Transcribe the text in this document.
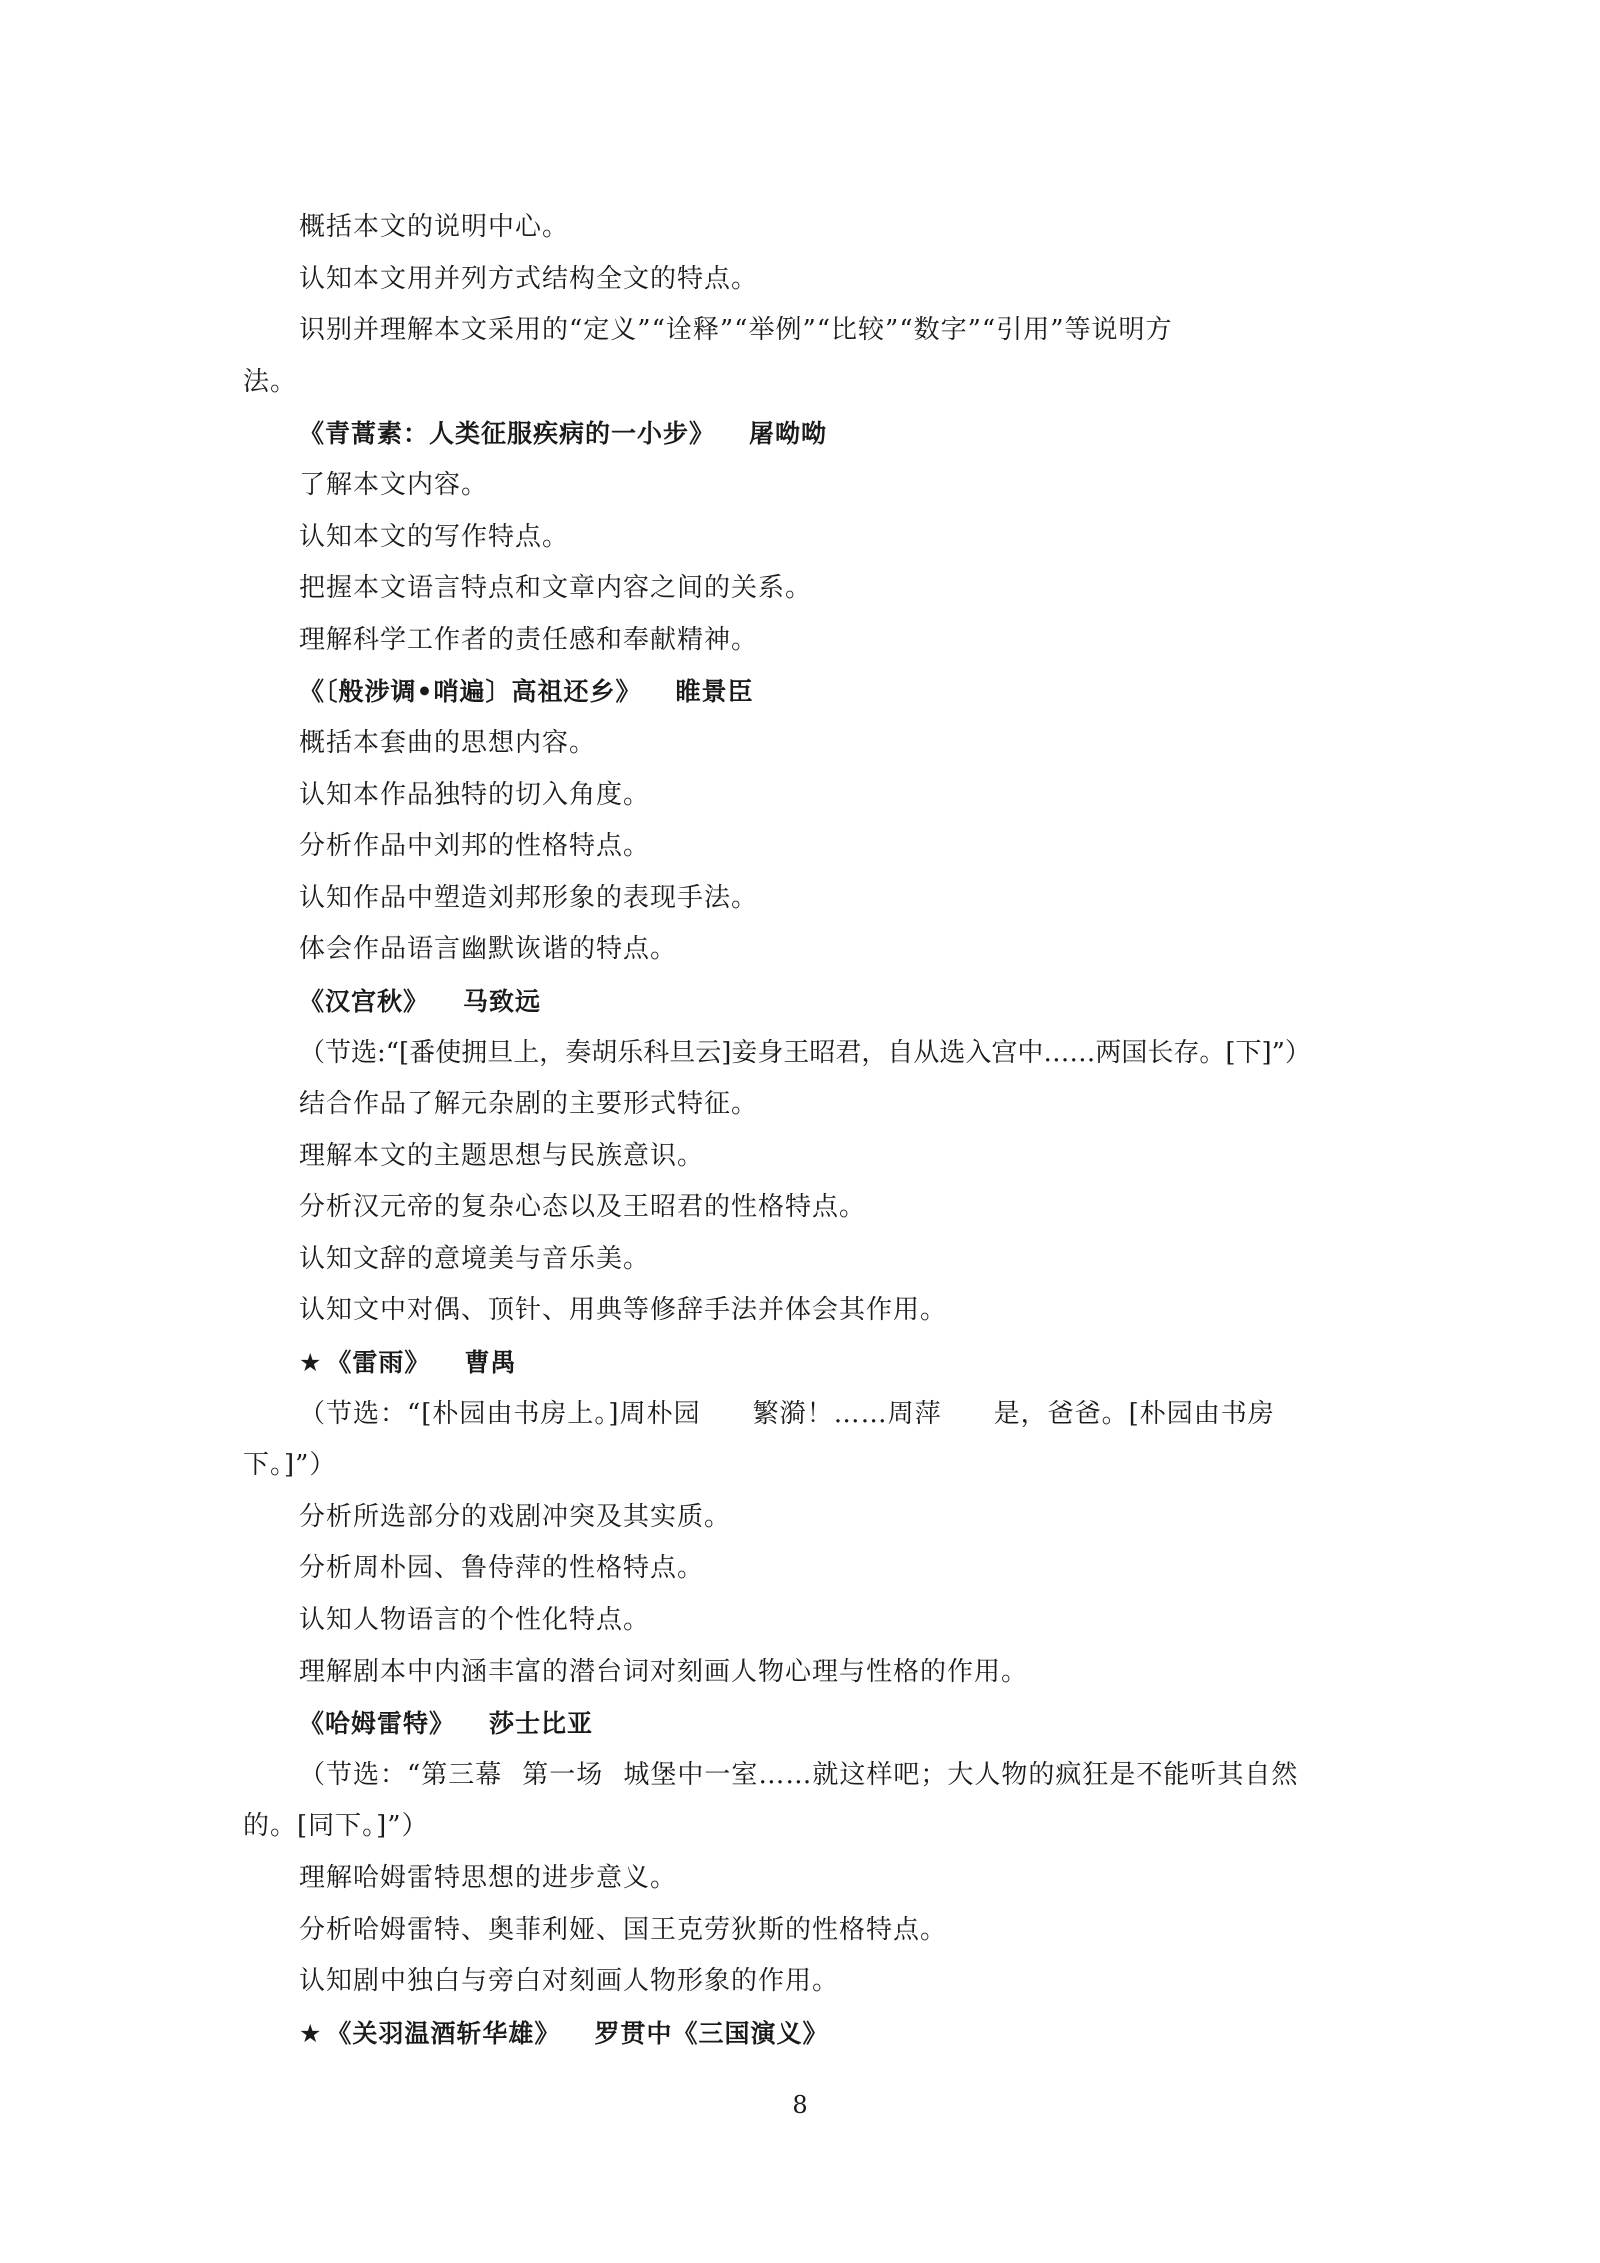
概括本文的说明中心。
认知本文用并列方式结构全文的特点。
识别并理解本文采用的“定义”“诠释”“举例”“比较”“数字”“引用”等说明方
法。
《青蒿素：人类征服疾病的一小步》 屠呦呦
了解本文内容。
认知本文的写作特点。
把握本文语言特点和文章内容之间的关系。
理解科学工作者的责任感和奉献精神。
《〔般涉调•哨遍〕高祖还乡》 睢景臣
概括本套曲的思想内容。
认知本作品独特的切入角度。
分析作品中刘邦的性格特点。
认知作品中塑造刘邦形象的表现手法。
体会作品语言幽默诙谐的特点。
《汉宫秋》 马致远
（节选:“[番使拥旦上，奏胡乐科旦云]妾身王昭君，自从选入宫中……两国长存。[下]”）
结合作品了解元杂剧的主要形式特征。
理解本文的主题思想与民族意识。
分析汉元帝的复杂心态以及王昭君的性格特点。
认知文辞的意境美与音乐美。
认知文中对偶、顶针、用典等修辞手法并体会其作用。
★ 《雷雨》 曹禺
（节选：“[朴园由书房上。]周朴园 繁漪！……周萍 是，爸爸。[朴园由书房
下。]”）
分析所选部分的戏剧冲突及其实质。
分析周朴园、鲁侍萍的性格特点。
认知人物语言的个性化特点。
理解剧本中内涵丰富的潜台词对刻画人物心理与性格的作用。
《哈姆雷特》 莎士比亚
（节选：“第三幕 第一场 城堡中一室……就这样吧；大人物的疯狂是不能听其自然
的。[同下。]”）
理解哈姆雷特思想的进步意义。
分析哈姆雷特、奥菲利娅、国王克劳狄斯的性格特点。
认知剧中独白与旁白对刻画人物形象的作用。
★ 《关羽温酒斩华雄》 罗贯中《三国演义》
8
